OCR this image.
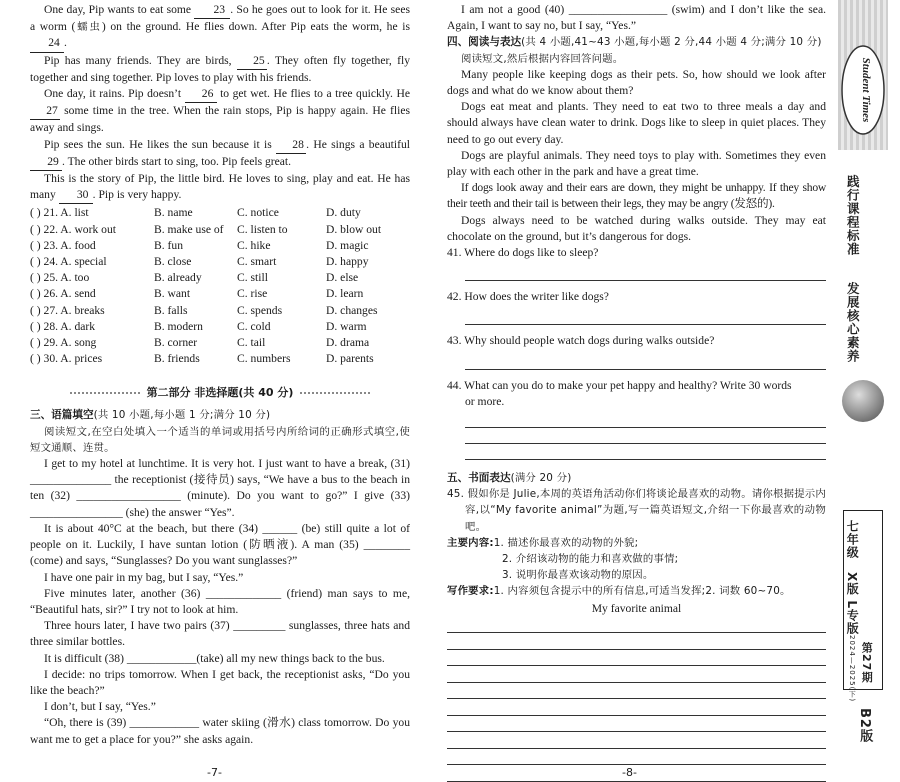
One day, Pip wants to eat some 23 . So he goes out to look for it. He sees a worm (蠕虫) on the ground. He flies down. After Pip eats the worm, he is 24 .

Pip has many friends. They are birds, 25 . They often fly together, fly together and sing together. Pip loves to play with his friends.

One day, it rains. Pip doesn’t 26 to get wet. He flies to a tree quickly. He 27 some time in the tree. When the rain stops, Pip is happy again. He flies away and sings.

Pip sees the sun. He likes the sun because it is 28 . He sings a beautiful 29 . The other birds start to sing, too. Pip feels great.

This is the story of Pip, the little bird. He loves to sing, play and eat. He has many 30 . Pip is very happy.

( ) 21. A. list	B. name	C. notice	D. duty
( ) 22. A. work out	B. make use of	C. listen to	D. blow out
( ) 23. A. food	B. fun	C. hike	D. magic
( ) 24. A. special	B. close	C. smart	D. happy
( ) 25. A. too	B. already	C. still	D. else
( ) 26. A. send	B. want	C. rise	D. learn
( ) 27. A. breaks	B. falls	C. spends	D. changes
( ) 28. A. dark	B. modern	C. cold	D. warm
( ) 29. A. song	B. corner	C. tail	D. drama
( ) 30. A. prices	B. friends	C. numbers	D. parents
第二部分 非选择题(共 40 分)
三、语篇填空(共 10 小题,每小题 1 分;满分 10 分)

阅读短文,在空白处填入一个适当的单词或用括号内所给词的正确形式填空,使短文通顺、连贯。

I get to my hotel at lunchtime. It is very hot. I just want to have a break, (31) ______________ the receptionist (接待员) says, “We have a bus to the beach in ten (32) __________________ (minute). Do you want to go?” I give (33) ________________ (she) the answer “Yes”.

It is about 40°C at the beach, but there (34) ______ (be) still quite a lot of people on it. Luckily, I have suntan lotion (防晒液). A man (35) ________ (come) and says, “Sunglasses? Do you want sunglasses?”

I have one pair in my bag, but I say, “Yes.”

Five minutes later, another (36) _____________ (friend) man says to me, “Beautiful hats, sir?” I try not to look at him.

Three hours later, I have two pairs (37) _________ sunglasses, three hats and three similar bottles.

It is difficult (38) ____________(take) all my new things back to the bus.

I decide: no trips tomorrow. When I get back, the receptionist asks, “Do you like the beach?”

I don’t, but I say, “Yes.”

“Oh, there is (39) ____________ water skiing (滑水) class tomorrow. Do you want me to get a place for you?” she asks again.

-7-

I am not a good (40) _________________ (swim) and I don’t like the sea. Again, I want to say no, but I say, “Yes.”

四、阅读与表达(共 4 小题,41~43 小题,每小题 2 分,44 小题 4 分;满分 10 分)

阅读短文,然后根据内容回答问题。

Many people like keeping dogs as their pets. So, how should we look after dogs and what do we know about them?

Dogs eat meat and plants. They need to eat two to three meals a day and should always have clean water to drink. Dogs like to sleep in quiet places. They need to go out every day.

Dogs are playful animals. They need toys to play with. Sometimes they even play with each other in the park and have a great time.

If dogs look away and their ears are down, they might be unhappy. If they show their teeth and their tail is between their legs, they may be angry (发怒的).

Dogs always need to be watched during walks outside. They may eat chocolate on the ground, but it’s dangerous for dogs.

41. Where do dogs like to sleep?

42. How does the writer like dogs?

43. Why should people watch dogs during walks outside?

44. What can you do to make your pet happy and healthy? Write 30 words

or more.

五、书面表达(满分 20 分)

45. 假如你是 Julie,本周的英语角活动你们将谈论最喜欢的动物。请你根据提示内容,以“My favorite animal”为题,写一篇英语短文,介绍一下你最喜欢的动物吧。

主要内容:1. 描述你最喜欢的动物的外貌;
2. 介绍该动物的能力和喜欢做的事情;
3. 说明你最喜欢该动物的原因。
写作要求:1. 内容须包含提示中的所有信息,可适当发挥;2. 词数 60~70。

My favorite animal

-8-
Student Times
践行课程标准
发展核心素养
七年级
X版 L专版
第27期
2024—2025(下)
B2版
